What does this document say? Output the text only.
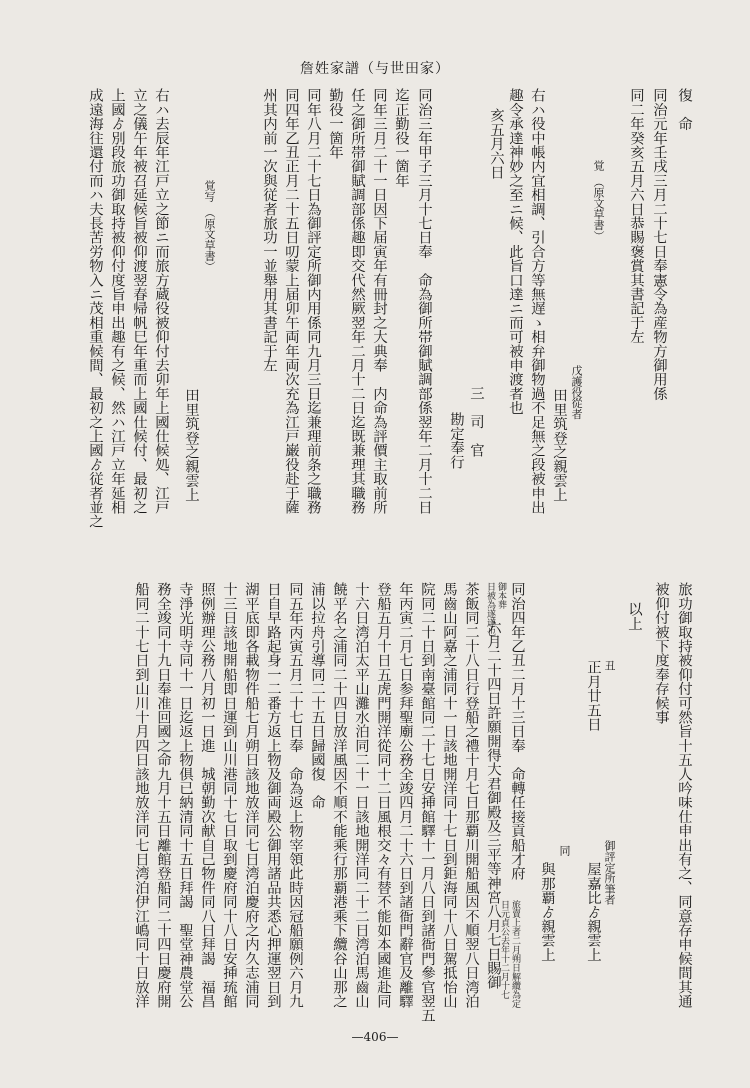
詹姓家譜（与世田家）
復　命
同治元年壬戌三月二十七日奉憲令為産物方御用係
同二年癸亥五月六日恭賜褒賞其書記于左
覚　（原文草書）
戊護役從者
田里筑登之親雲上
右ハ役中帳内宜相調、引合方等無遅ゝ相弁御物過不足無之段被申出
趣令承達神妙之至ニ候、此旨口達ニ而可被申渡者也
亥五月六日
三　司　官
勘定奉行
同治三年甲子三月十七日奉　命為御所帯御賦調部係翌年二月十二日
迄正勤役一箇年
同年三月二十一日因下届寅年有冊封之大典奉　内命為評價主取前所
任之御所帯御賦調部係趣即交代然厥翌年二月十二日迄既兼理其職務
勤役一箇年
同年八月二十七日為御評定所御内用係同九月三日迄兼理前条之職務
同四年乙丑正月二十五日叨蒙上届卯午両年両次充為江戸巌役赴于薩
州其内前一次與従者旅功一並舉用其書記于左
覚写　（原文草書）
田里筑登之親雲上
右ハ去辰年江戸立之節ニ而旅方蔵役被仰付去卯年上國仕候処、江戸
立之儀午年被召延候旨被仰渡翌春帰帆巳年重而上國仕候付、最初之
上國ゟ別段旅功御取持被仰付度旨申出趣有之候、然ハ江戸立年延相
成遠海往還付而ハ夫長苦労物入ニ茂相重候間、最初之上國ゟ従者並之
旅功御取持被仰付可然旨十五人吟味仕申出有之、同意存申候間其通
被仰付被下度奉存候事
以上
丑
正月廿五日
御評定所筆者
屋嘉比ゟ親雲上
同
與那覇ゟ親雲上
同治四年乙丑二月十三日奉　命轉任接貢船才府
旅賣上者二月朔日解纜為定
日元貞公去年十二月十七
日被為遂遂也 御本葬
六月二十四日許願開得大君御殿及三平等神宮八月七日賜御
茶飯同二十八日行登船之禮十月七日那覇川開船風因不順翌八日湾泊
馬齒山阿嘉之浦同十一日該地開洋同十七日到鉅海同十八日駕抵怡山
院同二十日到南臺館同二十七日安挿館驛十一月八日到諸衙門參官翌五
年丙寅二月七日参拜聖廟公務全竣四月二十六日到諸衙門辭官及離驛
登船五月十日五虎門開洋從同十二日風根交々有替不能如本國進赴同
十六日湾泊太平山灘水泊同二十一日該地開洋同二十二日湾泊馬齒山
饒平名之浦同二十四日放洋風因不順不能乘行那覇港乘下纜谷山那之
浦以拉舟引導同二十五日歸國復　命
同五年丙寅五月二十七日奉　命為返上物宰領此時因冠船願例六月九
日自早路起身一二番方返上物及御両殿公御用諸品共悉心押運翌日到
湖平底即各載物件船七月朔日該地放洋同七日湾泊慶府之内久志浦同
十三日該地開船即日運到山川港同十七日取到慶府同十八日安挿琉館
照例辦理公務八月初一日進　城朝勤次献自己物件同八日拜謁　福昌
寺淨光明寺同十一日迄返上物俱已納清同十五日拜謁　聖堂神農堂公
務全竣同十九日奉准回國之命九月十五日離館登船同二十四日慶府開
船同二十七日到山川十月四日該地放洋同七日湾泊伊江嶋同十日放洋
—406—
